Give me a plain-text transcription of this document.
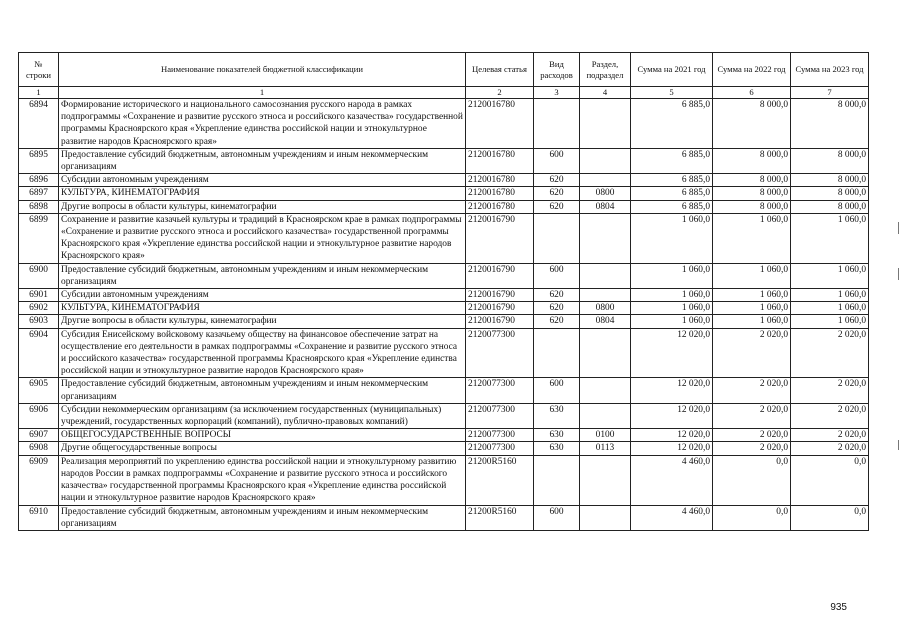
№ строки	Наименование показателей бюджетной классификации	Целевая статья	Вид расходов	Раздел, подраздел	Сумма на 2021 год	Сумма на 2022 год	Сумма на 2023 год
1	1	2	3	4	5	6	7
6894	Формирование исторического и национального самосознания русского народа в рамках подпрограммы «Сохранение и развитие русского этноса и российского казачества» государственной программы Красноярского края «Укрепление единства российской нации и этнокультурное развитие народов Красноярского края»	2120016780			6 885,0	8 000,0	8 000,0
6895	Предоставление субсидий бюджетным, автономным учреждениям и иным некоммерческим организациям	2120016780	600		6 885,0	8 000,0	8 000,0
6896	Субсидии автономным учреждениям	2120016780	620		6 885,0	8 000,0	8 000,0
6897	КУЛЬТУРА, КИНЕМАТОГРАФИЯ	2120016780	620	0800	6 885,0	8 000,0	8 000,0
6898	Другие вопросы в области культуры, кинематографии	2120016780	620	0804	6 885,0	8 000,0	8 000,0
6899	Сохранение и развитие казачьей культуры и традиций в Красноярском крае в рамках подпрограммы «Сохранение и развитие русского этноса и российского казачества» государственной программы Красноярского края «Укрепление единства российской нации и этнокультурное развитие народов Красноярского края»	2120016790			1 060,0	1 060,0	1 060,0
6900	Предоставление субсидий бюджетным, автономным учреждениям и иным некоммерческим организациям	2120016790	600		1 060,0	1 060,0	1 060,0
6901	Субсидии автономным учреждениям	2120016790	620		1 060,0	1 060,0	1 060,0
6902	КУЛЬТУРА, КИНЕМАТОГРАФИЯ	2120016790	620	0800	1 060,0	1 060,0	1 060,0
6903	Другие вопросы в области культуры, кинематографии	2120016790	620	0804	1 060,0	1 060,0	1 060,0
6904	Субсидия Енисейскому войсковому казачьему обществу на финансовое обеспечение затрат на осуществление его деятельности в рамках подпрограммы «Сохранение и развитие русского этноса и российского казачества» государственной программы Красноярского края «Укрепление единства российской нации и этнокультурное развитие народов Красноярского края»	2120077300			12 020,0	2 020,0	2 020,0
6905	Предоставление субсидий бюджетным, автономным учреждениям и иным некоммерческим организациям	2120077300	600		12 020,0	2 020,0	2 020,0
6906	Субсидии некоммерческим организациям (за исключением государственных (муниципальных) учреждений, государственных корпораций (компаний), публично-правовых компаний)	2120077300	630		12 020,0	2 020,0	2 020,0
6907	ОБЩЕГОСУДАРСТВЕННЫЕ ВОПРОСЫ	2120077300	630	0100	12 020,0	2 020,0	2 020,0
6908	Другие общегосударственные вопросы	2120077300	630	0113	12 020,0	2 020,0	2 020,0
6909	Реализация мероприятий по укреплению единства российской нации и этнокультурному развитию народов России в рамках подпрограммы «Сохранение и развитие русского этноса и российского казачества» государственной программы Красноярского края «Укрепление единства российской нации и этнокультурное развитие народов Красноярского края»	21200R5160			4 460,0	0,0	0,0
6910	Предоставление субсидий бюджетным, автономным учреждениям и иным некоммерческим организациям	21200R5160	600		4 460,0	0,0	0,0
935
